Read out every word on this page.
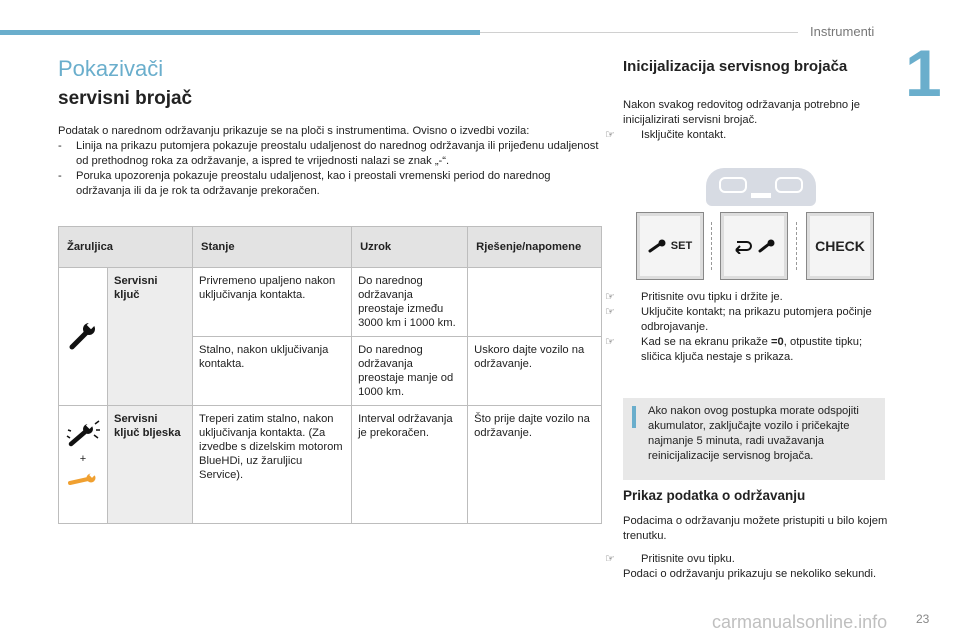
Instrumenti
1
Pokazivači
servisni brojač

Podatak o narednom održavanju prikazuje se na ploči s instrumentima. Ovisno o izvedbi vozila:

- Linija na prikazu putomjera pokazuje preostalu udaljenost do narednog održavanja ili prijeđenu udaljenost od prethodnog roka za održavanje, a ispred te vrijednosti nalazi se znak „-“.
- Poruka upozorenja pokazuje preostalu udaljenost, kao i preostali vremenski period do narednog održavanja ili da je rok ta održavanje prekoračen.
Žaruljica		Stanje	Uzrok	Rješenje/napomene
	Servisni ključ	Privremeno upaljeno nakon uključivanja kontakta.	Do narednog održavanja preostaje između 3000 km i 1000 km.	
		Stalno, nakon uključivanja kontakta.	Do narednog održavanja preostaje manje od 1000 km.	Uskoro dajte vozilo na održavanje.

+	Servisni ključ bljeska	Treperi zatim stalno, nakon uključivanja kontakta. (Za izvedbe s dizelskim motorom BlueHDi, uz žaruljicu Service).	Interval održavanja je prekoračen.	Što prije dajte vozilo na održavanje.
Inicijalizacija servisnog brojača

Nakon svakog redovitog održavanja potrebno je inicijalizirati servisni brojač.

☞ Isključite kontakt.

SET	CHECK

☞ Pritisnite ovu tipku i držite je.

☞ Uključite kontakt; na prikazu putomjera počinje odbrojavanje.

☞ Kad se na ekranu prikaže =0, otpustite tipku; sličica ključa nestaje s prikaza.

Ako nakon ovog postupka morate odspojiti akumulator, zaključajte vozilo i pričekajte najmanje 5 minuta, radi uvažavanja reinicijalizacije servisnog brojača.
Prikaz podatka o održavanju

Podacima o održavanju možete pristupiti u bilo kojem trenutku.

☞ Pritisnite ovu tipku.

Podaci o održavanju prikazuju se nekoliko sekundi.

carmanualsonline.info 23
